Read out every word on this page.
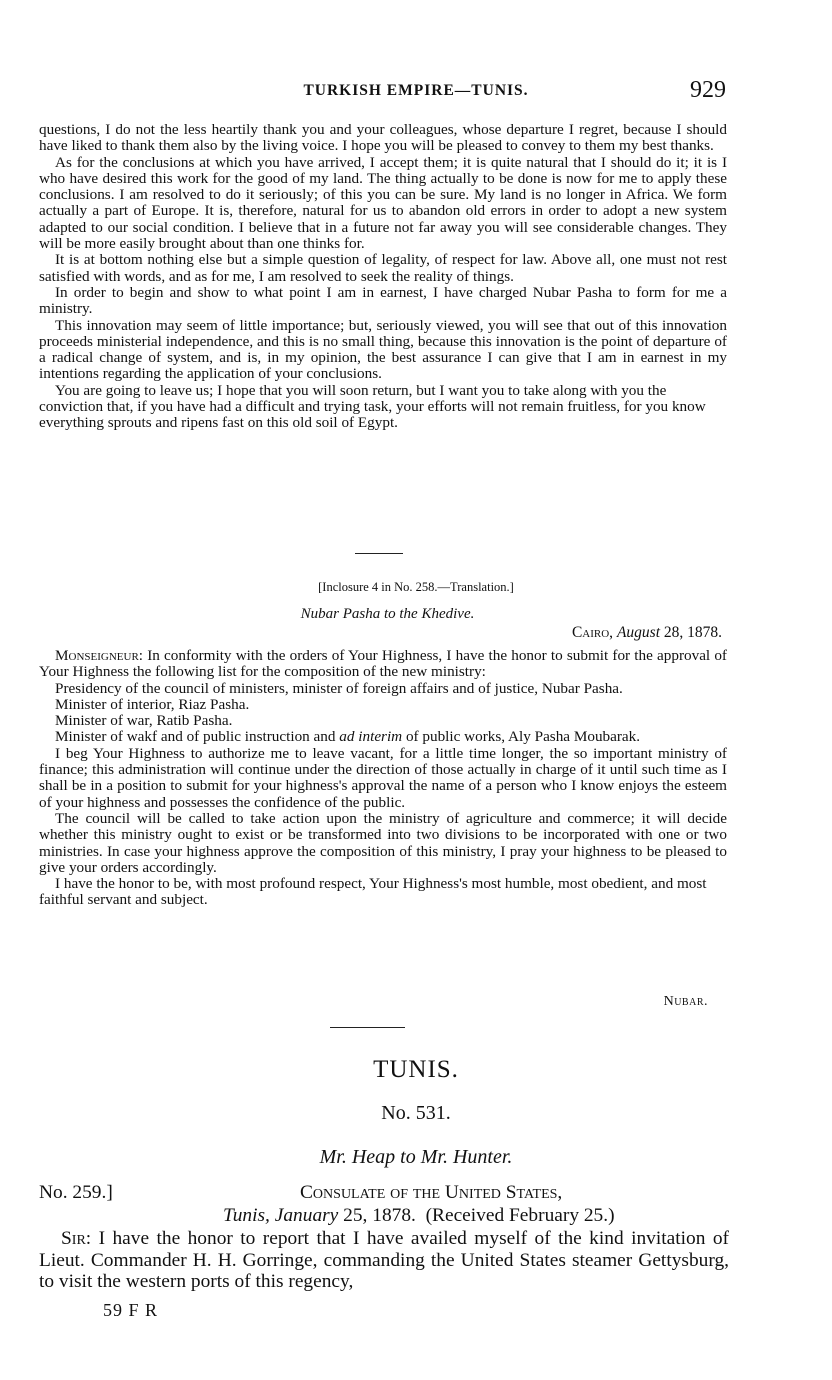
TURKISH EMPIRE—TUNIS.	929

questions, I do not the less heartily thank you and your colleagues, whose departure I regret, because I should have liked to thank them also by the living voice. I hope you will be pleased to convey to them my best thanks.

As for the conclusions at which you have arrived, I accept them; it is quite natural that I should do it; it is I who have desired this work for the good of my land. The thing actually to be done is now for me to apply these conclusions. I am resolved to do it seriously; of this you can be sure. My land is no longer in Africa. We form actually a part of Europe. It is, therefore, natural for us to abandon old errors in order to adopt a new system adapted to our social condition. I believe that in a future not far away you will see considerable changes. They will be more easily brought about than one thinks for.

It is at bottom nothing else but a simple question of legality, of respect for law. Above all, one must not rest satisfied with words, and as for me, I am resolved to seek the reality of things.

In order to begin and show to what point I am in earnest, I have charged Nubar Pasha to form for me a ministry.

This innovation may seem of little importance; but, seriously viewed, you will see that out of this innovation proceeds ministerial independence, and this is no small thing, because this innovation is the point of departure of a radical change of system, and is, in my opinion, the best assurance I can give that I am in earnest in my intentions regarding the application of your conclusions.

You are going to leave us; I hope that you will soon return, but I want you to take along with you the conviction that, if you have had a difficult and trying task, your efforts will not remain fruitless, for you know everything sprouts and ripens fast on this old soil of Egypt.

[Inclosure 4 in No. 258.—Translation.]
Nubar Pasha to the Khedive.
Cairo, August 28, 1878.

Monseigneur: In conformity with the orders of Your Highness, I have the honor to submit for the approval of Your Highness the following list for the composition of the new ministry:

Presidency of the council of ministers, minister of foreign affairs and of justice, Nubar Pasha.

Minister of interior, Riaz Pasha.

Minister of war, Ratib Pasha.

Minister of wakf and of public instruction and ad interim of public works, Aly Pasha Moubarak.

I beg Your Highness to authorize me to leave vacant, for a little time longer, the so important ministry of finance; this administration will continue under the direction of those actually in charge of it until such time as I shall be in a position to submit for your highness's approval the name of a person who I know enjoys the esteem of your highness and possesses the confidence of the public.

The council will be called to take action upon the ministry of agriculture and commerce; it will decide whether this ministry ought to exist or be transformed into two divisions to be incorporated with one or two ministries. In case your highness approve the composition of this ministry, I pray your highness to be pleased to give your orders accordingly.

I have the honor to be, with most profound respect, Your Highness's most humble, most obedient, and most faithful servant and subject.

Nubar.
TUNIS.
No. 531.
Mr. Heap to Mr. Hunter.
No. 259.]	Consulate of the United States,
Tunis, January 25, 1878. (Received February 25.)

Sir: I have the honor to report that I have availed myself of the kind invitation of Lieut. Commander H. H. Gorringe, commanding the United States steamer Gettysburg, to visit the western ports of this regency,

59 F R
